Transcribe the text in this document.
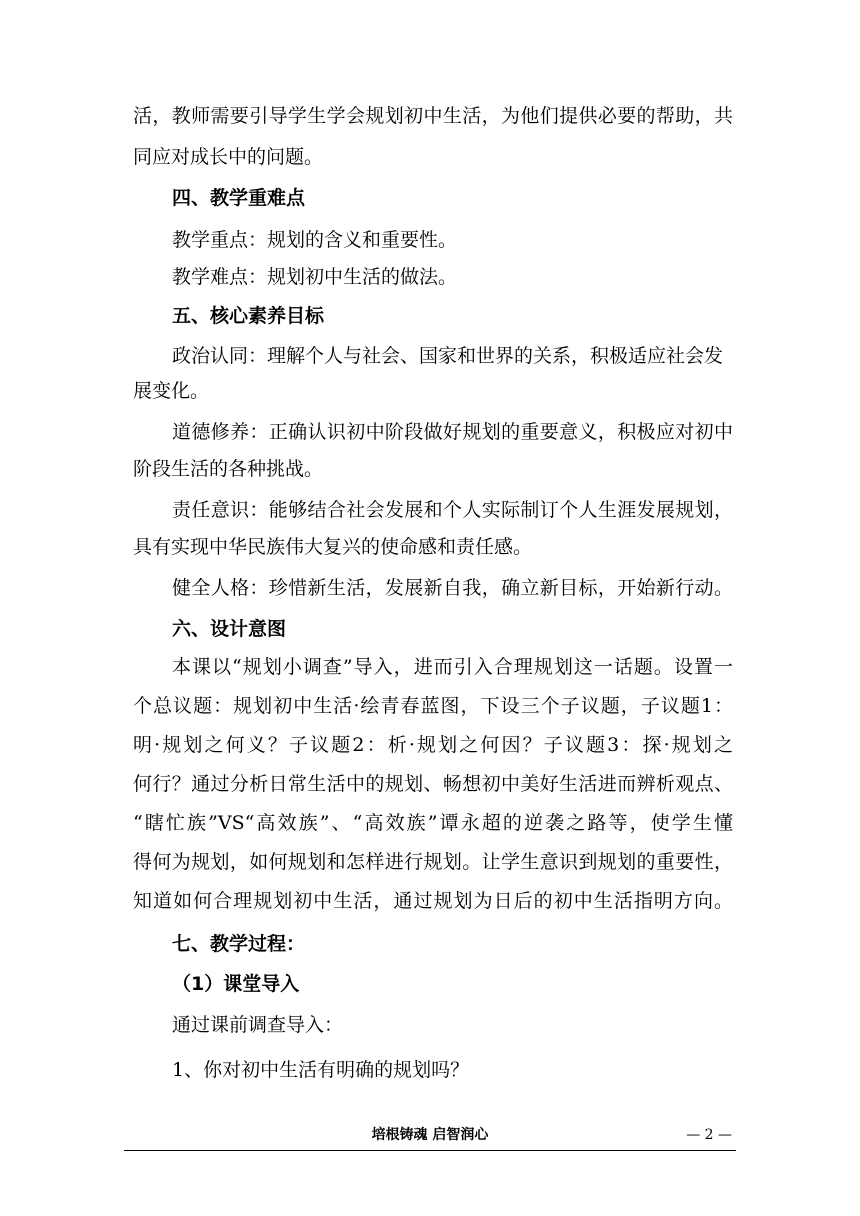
活，教师需要引导学生学会规划初中生活，为他们提供必要的帮助，共
同应对成长中的问题。
四、教学重难点
教学重点：规划的含义和重要性。
教学难点：规划初中生活的做法。
五、核心素养目标
政治认同：理解个人与社会、国家和世界的关系，积极适应社会发
展变化。
道德修养：正确认识初中阶段做好规划的重要意义，积极应对初中
阶段生活的各种挑战。
责任意识：能够结合社会发展和个人实际制订个人生涯发展规划，
具有实现中华民族伟大复兴的使命感和责任感。
健全人格：珍惜新生活，发展新自我，确立新目标，开始新行动。
六、设计意图
本课以“规划小调查”导入，进而引入合理规划这一话题。设置一
个总议题：规划初中生活·绘青春蓝图，下设三个子议题，子议题1：
明·规划之何义？子议题2：析·规划之何因？子议题3：探·规划之
何行？通过分析日常生活中的规划、畅想初中美好生活进而辨析观点、
“瞎忙族”VS“高效族”、“高效族”谭永超的逆袭之路等，使学生懂
得何为规划，如何规划和怎样进行规划。让学生意识到规划的重要性，
知道如何合理规划初中生活，通过规划为日后的初中生活指明方向。
七、教学过程：
（1）课堂导入
通过课前调查导入：
1、你对初中生活有明确的规划吗？
培根铸魂 启智润心	— 2 —
